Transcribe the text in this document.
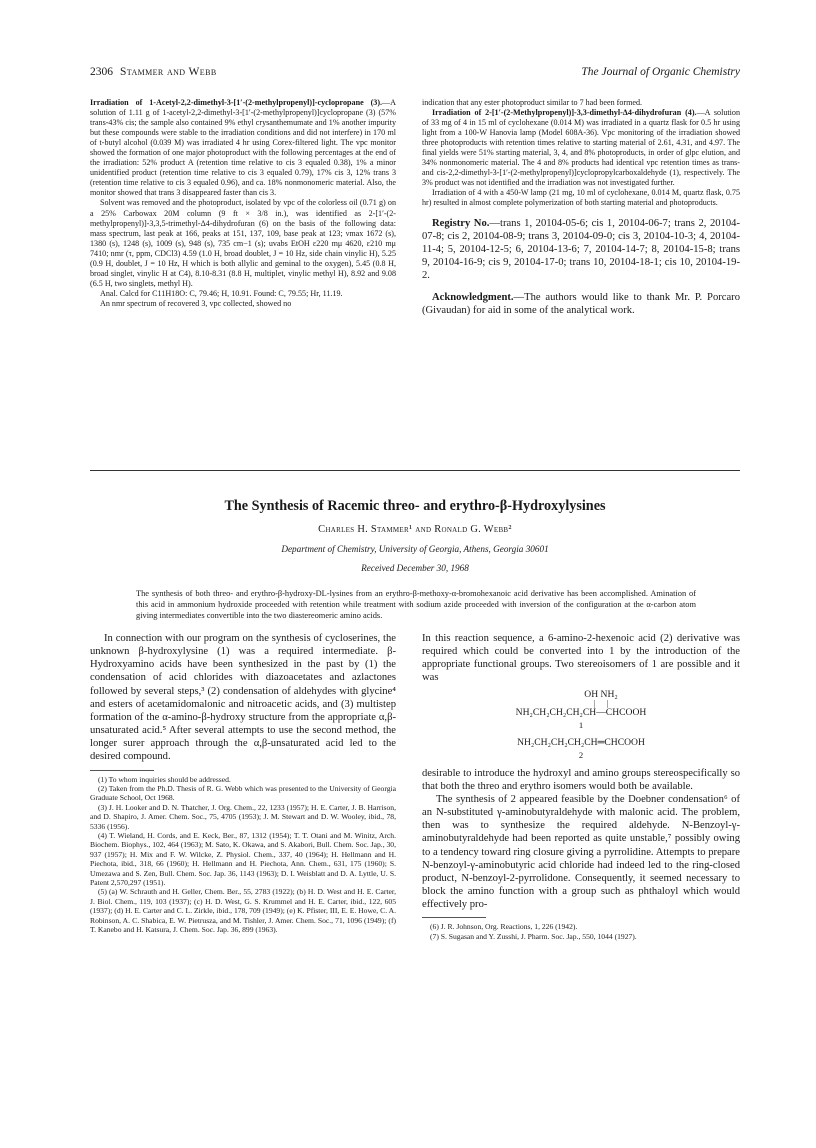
2306 Stammer and Webb	The Journal of Organic Chemistry

Irradiation of 1-Acetyl-2,2-dimethyl-3-[1′-(2-methylpropenyl)]-cyclopropane (3).—A solution of 1.11 g of 1-acetyl-2,2-dimethyl-3-[1′-(2-methylpropenyl)]cyclopropane (3) (57% trans-43% cis; the sample also contained 9% ethyl crysanthemumate and 1% another impurity but these compounds were stable to the irradiation conditions and did not interfere) in 170 ml of t-butyl alcohol (0.039 M) was irradiated 4 hr using Corex-filtered light. The vpc monitor showed the formation of one major photoproduct with the following percentages at the end of the irradiation: 52% product A (retention time relative to cis 3 equaled 0.38), 1% a minor unidentified product (retention time relative to cis 3 equaled 0.79), 17% cis 3, 12% trans 3 (retention time relative to cis 3 equaled 0.96), and ca. 18% nonmonomeric material. Also, the monitor showed that trans 3 disappeared faster than cis 3.

Solvent was removed and the photoproduct, isolated by vpc of the colorless oil (0.71 g) on a 25% Carbowax 20M column (9 ft × 3/8 in.), was identified as 2-[1′-(2-methylpropenyl)]-3,3,5-trimethyl-Δ4-dihydrofuran (6) on the basis of the following data: mass spectrum, last peak at 166, peaks at 151, 137, 109, base peak at 123; νmax 1672 (s), 1380 (s), 1248 (s), 1009 (s), 948 (s), 735 cm−1 (s); uvabs EtOH ε220 mμ 4620, ε210 mμ 7410; nmr (τ, ppm, CDCl3) 4.59 (1.0 H, broad doublet, J = 10 Hz, side chain vinylic H), 5.25 (0.9 H, doublet, J = 10 Hz, H which is both allylic and geminal to the oxygen), 5.45 (0.8 H, broad singlet, vinylic H at C4), 8.10-8.31 (8.8 H, multiplet, vinylic methyl H), 8.92 and 9.08 (6.5 H, two singlets, methyl H).

Anal. Calcd for C11H18O: C, 79.46; H, 10.91. Found: C, 79.55; Hr, 11.19.

An nmr spectrum of recovered 3, vpc collected, showed no

indication that any ester photoproduct similar to 7 had been formed.

Irradiation of 2-[1′-(2-Methylpropenyl)]-3,3-dimethyl-Δ4-dihydrofuran (4).—A solution of 33 mg of 4 in 15 ml of cyclohexane (0.014 M) was irradiated in a quartz flask for 0.5 hr using light from a 100-W Hanovia lamp (Model 608A-36). Vpc monitoring of the irradiation showed three photoproducts with retention times relative to starting material of 2.61, 4.31, and 4.97. The final yields were 51% starting material, 3, 4, and 8% photoproducts, in order of glpc elution, and 34% nonmonomeric material. The 4 and 8% products had identical vpc retention times as trans- and cis-2,2-dimethyl-3-[1′-(2-methylpropenyl)]cyclopropylcarboxaldehyde (1), respectively. The 3% product was not identified and the irradiation was not investigated further.

Irradiation of 4 with a 450-W lamp (21 mg, 10 ml of cyclohexane, 0.014 M, quartz flask, 0.75 hr) resulted in almost complete polymerization of both starting material and photoproducts.

Registry No.—trans 1, 20104-05-6; cis 1, 20104-06-7; trans 2, 20104-07-8; cis 2, 20104-08-9; trans 3, 20104-09-0; cis 3, 20104-10-3; 4, 20104-11-4; 5, 20104-12-5; 6, 20104-13-6; 7, 20104-14-7; 8, 20104-15-8; trans 9, 20104-16-9; cis 9, 20104-17-0; trans 10, 20104-18-1; cis 10, 20104-19-2.

Acknowledgment.—The authors would like to thank Mr. P. Porcaro (Givaudan) for aid in some of the analytical work.

The Synthesis of Racemic threo- and erythro-β-Hydroxylysines
Charles H. Stammer¹ and Ronald G. Webb²
Department of Chemistry, University of Georgia, Athens, Georgia 30601
Received December 30, 1968
The synthesis of both threo- and erythro-β-hydroxy-DL-lysines from an erythro-β-methoxy-α-bromohexanoic acid derivative has been accomplished. Amination of this acid in ammonium hydroxide proceeded with retention while treatment with sodium azide proceeded with inversion of the configuration at the α-carbon atom giving intermediates convertible into the two diastereomeric amino acids.

In connection with our program on the synthesis of cycloserines, the unknown β-hydroxylysine (1) was a required intermediate. β-Hydroxyamino acids have been synthesized in the past by (1) the condensation of acid chlorides with diazoacetates and azlactones followed by several steps,³ (2) condensation of aldehydes with glycine⁴ and esters of acetamidomalonic and nitroacetic acids, and (3) multistep formation of the α-amino-β-hydroxy structure from the appropriate α,β-unsaturated acid.⁵ After several attempts to use the second method, the longer surer approach through the α,β-unsaturated acid led to the desired compound.

(1) To whom inquiries should be addressed.

(2) Taken from the Ph.D. Thesis of R. G. Webb which was presented to the University of Georgia Graduate School, Oct 1968.

(3) J. H. Looker and D. N. Thatcher, J. Org. Chem., 22, 1233 (1957); H. E. Carter, J. B. Harrison, and D. Shapiro, J. Amer. Chem. Soc., 75, 4705 (1953); J. M. Stewart and D. W. Wooley, ibid., 78, 5336 (1956).

(4) T. Wieland, H. Cords, and E. Keck, Ber., 87, 1312 (1954); T. T. Otani and M. Winitz, Arch. Biochem. Biophys., 102, 464 (1963); M. Sato, K. Okawa, and S. Akabori, Bull. Chem. Soc. Jap., 30, 937 (1957); H. Mix and F. W. Wilcke, Z. Physiol. Chem., 337, 40 (1964); H. Hellmann and H. Piechota, ibid., 318, 66 (1960); H. Hellmann and H. Piechota, Ann. Chem., 631, 175 (1960); S. Umezawa and S. Zen, Bull. Chem. Soc. Jap. 36, 1143 (1963); D. I. Weisblatt and D. A. Lyttle, U. S. Patent 2,570,297 (1951).

(5) (a) W. Schrauth and H. Geller, Chem. Ber., 55, 2783 (1922); (b) H. D. West and H. E. Carter, J. Biol. Chem., 119, 103 (1937); (c) H. D. West, G. S. Krummel and H. E. Carter, ibid., 122, 605 (1937); (d) H. E. Carter and C. L. Zirkle, ibid., 178, 709 (1949); (e) K. Pfister, III, E. E. Howe, C. A. Robinson, A. C. Shabica, E. W. Pietrusza, and M. Tishler, J. Amer. Chem. Soc., 71, 1096 (1949); (f) T. Kanebo and H. Katsura, J. Chem. Soc. Jap. 36, 899 (1963).

In this reaction sequence, a 6-amino-2-hexenoic acid (2) derivative was required which could be converted into 1 by the introduction of the appropriate functional groups. Two stereoisomers of 1 are possible and it was

OH NH₂
|      |
NH₂CH₂CH₂CH₂CH—CHCOOH
1
NH₂CH₂CH₂CH₂CH═CHCOOH
2

desirable to introduce the hydroxyl and amino groups stereospecifically so that both the threo and erythro isomers would both be available.

The synthesis of 2 appeared feasible by the Doebner condensation⁶ of an N-substituted γ-aminobutyraldehyde with malonic acid. The problem, then was to synthesize the required aldehyde. N-Benzoyl-γ-aminobutyraldehyde had been reported as quite unstable,⁷ possibly owing to a tendency toward ring closure giving a pyrrolidine. Attempts to prepare N-benzoyl-γ-aminobutyric acid chloride had indeed led to the ring-closed product, N-benzoyl-2-pyrrolidone. Consequently, it seemed necessary to block the amino function with a group such as phthaloyl which would effectively pro-

(6) J. R. Johnson, Org. Reactions, 1, 226 (1942).

(7) S. Sugasan and Y. Zusshi, J. Pharm. Soc. Jap., 550, 1044 (1927).
